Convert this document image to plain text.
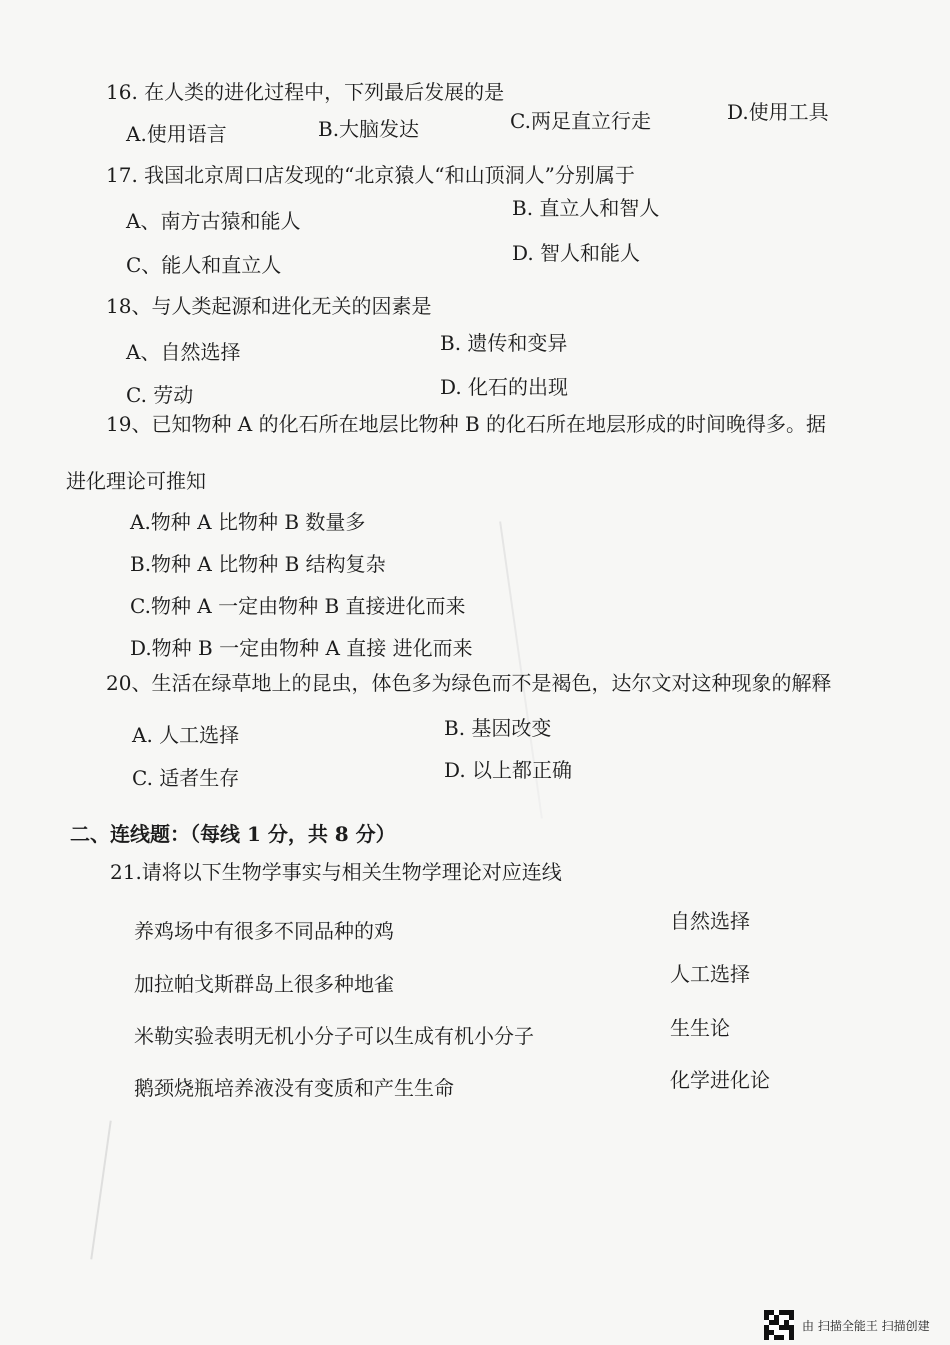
16. 在人类的进化过程中，下列最后发展的是
A.使用语言	B.大脑发达	C.两足直立行走	D.使用工具
17. 我国北京周口店发现的“北京猿人“和山顶洞人”分别属于
A、南方古猿和能人
B. 直立人和智人
C、能人和直立人	D. 智人和能人
18、与人类起源和进化无关的因素是
A、自然选择	B. 遗传和变异
C. 劳动	D. 化石的出现
19、已知物种 A 的化石所在地层比物种 B 的化石所在地层形成的时间晚得多。据
进化理论可推知
A.物种 A 比物种 B 数量多
B.物种 A 比物种 B 结构复杂
C.物种 A 一定由物种 B 直接进化而来
D.物种 B 一定由物种 A 直接 进化而来
20、生活在绿草地上的昆虫，体色多为绿色而不是褐色，达尔文对这种现象的解释
A. 人工选择	B. 基因改变
C. 适者生存	D. 以上都正确
二、连线题：（每线 1 分，共 8 分）
21.请将以下生物学事实与相关生物学理论对应连线
养鸡场中有很多不同品种的鸡
加拉帕戈斯群岛上很多种地雀
米勒实验表明无机小分子可以生成有机小分子
鹅颈烧瓶培养液没有变质和产生生命
自然选择
人工选择
生生论
化学进化论
由 扫描全能王 扫描创建
